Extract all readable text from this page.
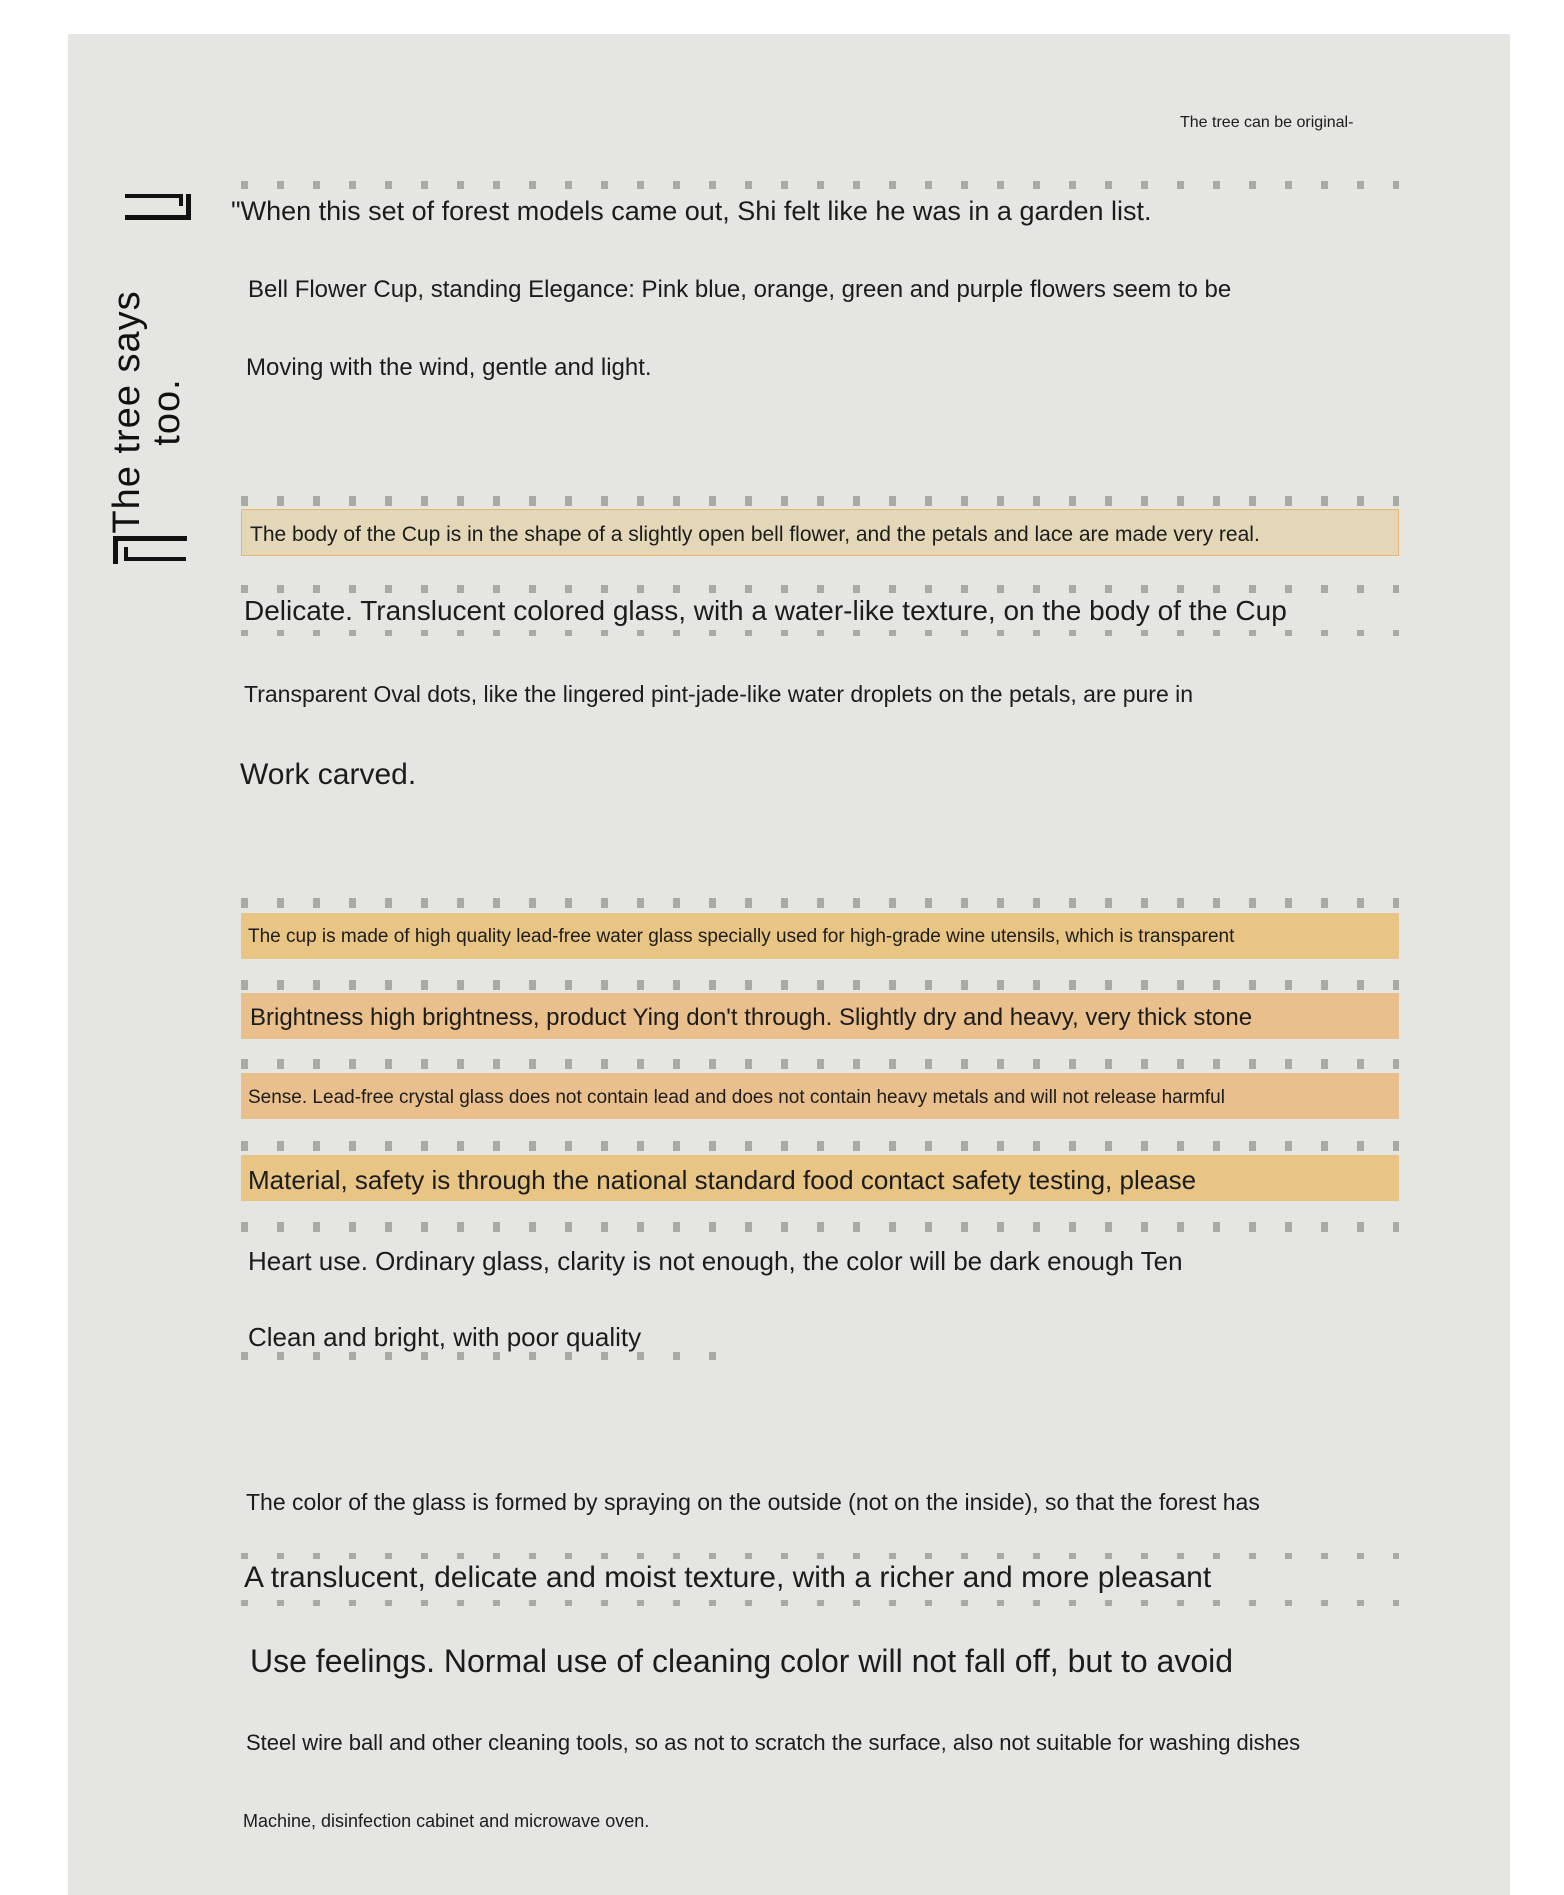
The tree can be original-
The tree says too.
"When this set of forest models came out, Shi felt like he was in a garden list.
Bell Flower Cup, standing Elegance: Pink blue, orange, green and purple flowers seem to be
Moving with the wind, gentle and light.
The body of the Cup is in the shape of a slightly open bell flower, and the petals and lace are made very real.
Delicate. Translucent colored glass, with a water-like texture, on the body of the Cup
Transparent Oval dots, like the lingered pint-jade-like water droplets on the petals, are pure in
Work carved.
The cup is made of high quality lead-free water glass specially used for high-grade wine utensils, which is transparent
Brightness high brightness, product Ying don't through. Slightly dry and heavy, very thick stone
Sense. Lead-free crystal glass does not contain lead and does not contain heavy metals and will not release harmful
Material, safety is through the national standard food contact safety testing, please
Heart use. Ordinary glass, clarity is not enough, the color will be dark enough Ten
Clean and bright, with poor quality
The color of the glass is formed by spraying on the outside (not on the inside), so that the forest has
A translucent, delicate and moist texture, with a richer and more pleasant
Use feelings. Normal use of cleaning color will not fall off, but to avoid
Steel wire ball and other cleaning tools, so as not to scratch the surface, also not suitable for washing dishes
Machine, disinfection cabinet and microwave oven.
